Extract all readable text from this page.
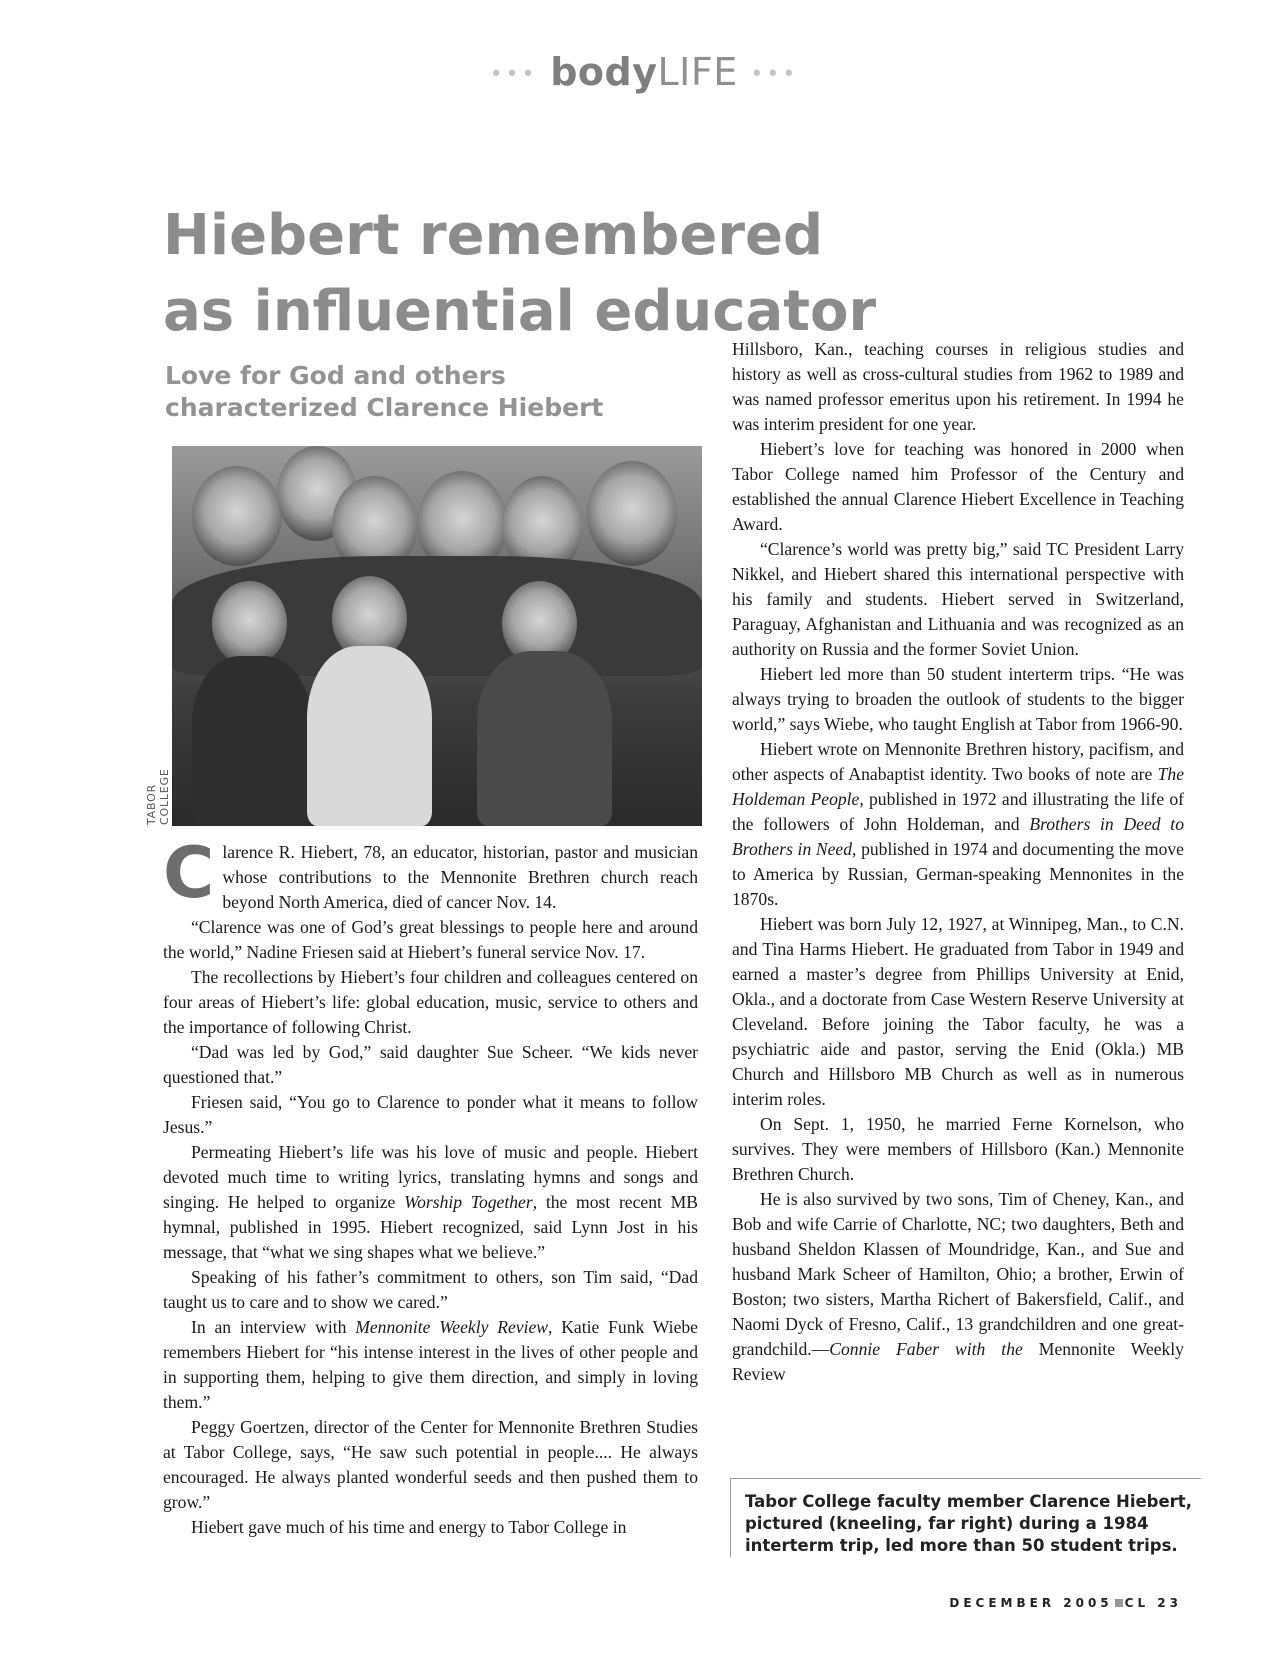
••• bodyLIFE •••
Hiebert remembered as influential educator
Love for God and others characterized Clarence Hiebert
TABOR COLLEGE

Clarence R. Hiebert, 78, an educator, historian, pastor and musician whose contributions to the Mennonite Brethren church reach beyond North America, died of cancer Nov. 14.

“Clarence was one of God’s great blessings to people here and around the world,” Nadine Friesen said at Hiebert’s funeral service Nov. 17.

The recollections by Hiebert’s four children and colleagues centered on four areas of Hiebert’s life: global education, music, service to others and the importance of following Christ.

“Dad was led by God,” said daughter Sue Scheer. “We kids never questioned that.”

Friesen said, “You go to Clarence to ponder what it means to follow Jesus.”

Permeating Hiebert’s life was his love of music and people. Hiebert devoted much time to writing lyrics, translating hymns and songs and singing. He helped to organize Worship Together, the most recent MB hymnal, published in 1995. Hiebert recognized, said Lynn Jost in his message, that “what we sing shapes what we believe.”

Speaking of his father’s commitment to others, son Tim said, “Dad taught us to care and to show we cared.”

In an interview with Mennonite Weekly Review, Katie Funk Wiebe remembers Hiebert for “his intense interest in the lives of other people and in supporting them, helping to give them direction, and simply in loving them.”

Peggy Goertzen, director of the Center for Mennonite Brethren Studies at Tabor College, says, “He saw such potential in people.... He always encouraged. He always planted wonderful seeds and then pushed them to grow.”

Hiebert gave much of his time and energy to Tabor College in

Hillsboro, Kan., teaching courses in religious studies and history as well as cross-cultural studies from 1962 to 1989 and was named professor emeritus upon his retirement. In 1994 he was interim president for one year.

Hiebert’s love for teaching was honored in 2000 when Tabor College named him Professor of the Century and established the annual Clarence Hiebert Excellence in Teaching Award.

“Clarence’s world was pretty big,” said TC President Larry Nikkel, and Hiebert shared this international perspective with his family and students. Hiebert served in Switzerland, Paraguay, Afghanistan and Lithuania and was recognized as an authority on Russia and the former Soviet Union.

Hiebert led more than 50 student interterm trips. “He was always trying to broaden the outlook of students to the bigger world,” says Wiebe, who taught English at Tabor from 1966-90.

Hiebert wrote on Mennonite Brethren history, pacifism, and other aspects of Anabaptist identity. Two books of note are The Holdeman People, published in 1972 and illustrating the life of the followers of John Holdeman, and Brothers in Deed to Brothers in Need, published in 1974 and documenting the move to America by Russian, German-speaking Mennonites in the 1870s.

Hiebert was born July 12, 1927, at Winnipeg, Man., to C.N. and Tina Harms Hiebert. He graduated from Tabor in 1949 and earned a master’s degree from Phillips University at Enid, Okla., and a doctorate from Case Western Reserve University at Cleveland. Before joining the Tabor faculty, he was a psychiatric aide and pastor, serving the Enid (Okla.) MB Church and Hillsboro MB Church as well as in numerous interim roles.

On Sept. 1, 1950, he married Ferne Kornelson, who survives. They were members of Hillsboro (Kan.) Mennonite Brethren Church.

He is also survived by two sons, Tim of Cheney, Kan., and Bob and wife Carrie of Charlotte, NC; two daughters, Beth and husband Sheldon Klassen of Moundridge, Kan., and Sue and husband Mark Scheer of Hamilton, Ohio; a brother, Erwin of Boston; two sisters, Martha Richert of Bakersfield, Calif., and Naomi Dyck of Fresno, Calif., 13 grandchildren and one great-grandchild.—Connie Faber with the Mennonite Weekly Review

Tabor College faculty member Clarence Hiebert, pictured (kneeling, far right) during a 1984 interterm trip, led more than 50 student trips.
DECEMBER 2005 CL 23
